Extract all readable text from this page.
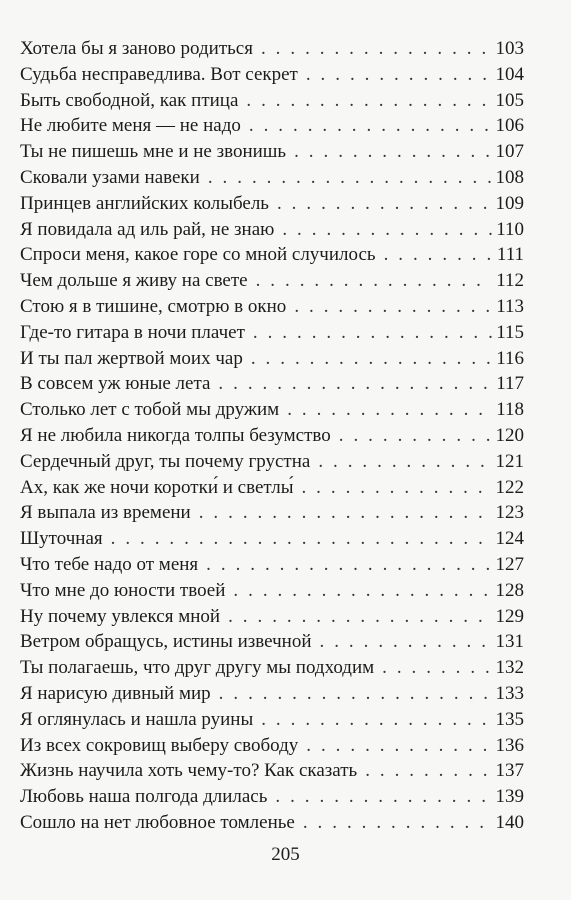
Хотела бы я заново родиться . . .	103
Судьба несправедлива. Вот секрет . . .	104
Быть свободной, как птица . . .	105
Не любите меня — не надо . . .	106
Ты не пишешь мне и не звонишь . . .	107
Сковали узами навеки . . .	108
Принцев английских колыбель . . .	109
Я повидала ад иль рай, не знаю . . .	110
Спроси меня, какое горе со мной случилось . . .	111
Чем дольше я живу на свете . . .	112
Стою я в тишине, смотрю в окно . . .	113
Где-то гитара в ночи плачет . . .	115
И ты пал жертвой моих чар . . .	116
В совсем уж юные лета . . .	117
Столько лет с тобой мы дружим . . .	118
Я не любила никогда толпы безумство . . .	120
Сердечный друг, ты почему грустна . . .	121
Ах, как же ночи коротки́ и светлы́ . . .	122
Я выпала из времени . . .	123
Шуточная . . .	124
Что тебе надо от меня . . .	127
Что мне до юности твоей . . .	128
Ну почему увлекся мной . . .	129
Ветром обращусь, истины извечной . . .	131
Ты полагаешь, что друг другу мы подходим . . .	132
Я нарисую дивный мир . . .	133
Я оглянулась и нашла руины . . .	135
Из всех сокровищ выберу свободу . . .	136
Жизнь научила хоть чему-то? Как сказать . . .	137
Любовь наша полгода длилась . . .	139
Сошло на нет любовное томленье . . .	140
205
